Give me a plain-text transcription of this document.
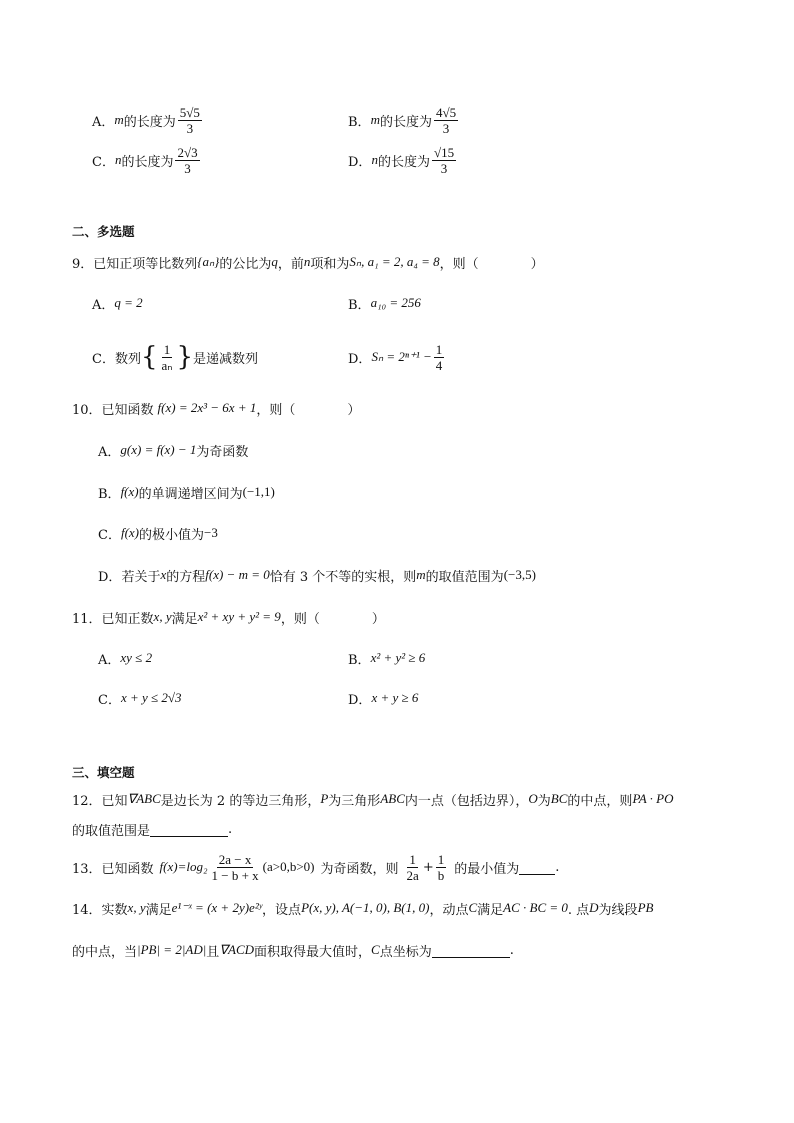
A． m 的长度为 $\frac{5√5}{3}$	B． m 的长度为 $\frac{4√5}{3}$
C． n 的长度为 $\frac{2√3}{3}$	D． n 的长度为 $\frac{√15}{3}$
二、多选题
9．已知正项等比数列 {aₙ} 的公比为 q ，前 n 项和为 Sₙ, a₁ = 2, a₄ = 8 ，则（　　　　）
A． q = 2	B． a₁₀ = 256
C． 数列 { $\frac{1}{\text{aₙ}}$ } 是递减数列	D． $S_n = 2^{n+1} - \frac{1}{4}$
10．已知函数 f(x) = 2x³ − 6x + 1 ，则（　　　　）
A． g(x) = f(x) − 1 为奇函数
B． f(x) 的单调递增区间为 (−1,1)
C． f(x) 的极小值为 −3
D． 若关于 x 的方程 f(x) − m = 0 恰有 3 个不等的实根，则 m 的取值范围为 (−3,5)
11．已知正数 x, y 满足 x² + xy + y² = 9 ，则（　　　　）
A． xy ≤ 2	B． x² + y² ≥ 6
C． x + y ≤ 2√3	D． x + y ≥ 6
三、填空题
12．已知 ∇ABC 是边长为 2 的等边三角形， P 为三角形 ABC 内一点（包括边界）， O 为 BC 的中点，则 PA · PO
的取值范围是	.
13．已知函数 $f(x)=\log_2 \frac{2a - x}{1 - b + x} (a>0,b>0)$ 为奇函数，则 $\frac{1}{2a} + \frac{1}{b}$ 的最小值为	.
14．实数 x, y 满足 e¹⁻ˣ = (x + 2y)e²ʸ ，设点 P(x, y), A(−1, 0), B(1, 0) ，动点 C 满足 AC · BC = 0 . 点 D 为线段 PB
的中点，当 |PB| = 2|AD| 且 ∇ACD 面积取得最大值时， C 点坐标为	.
